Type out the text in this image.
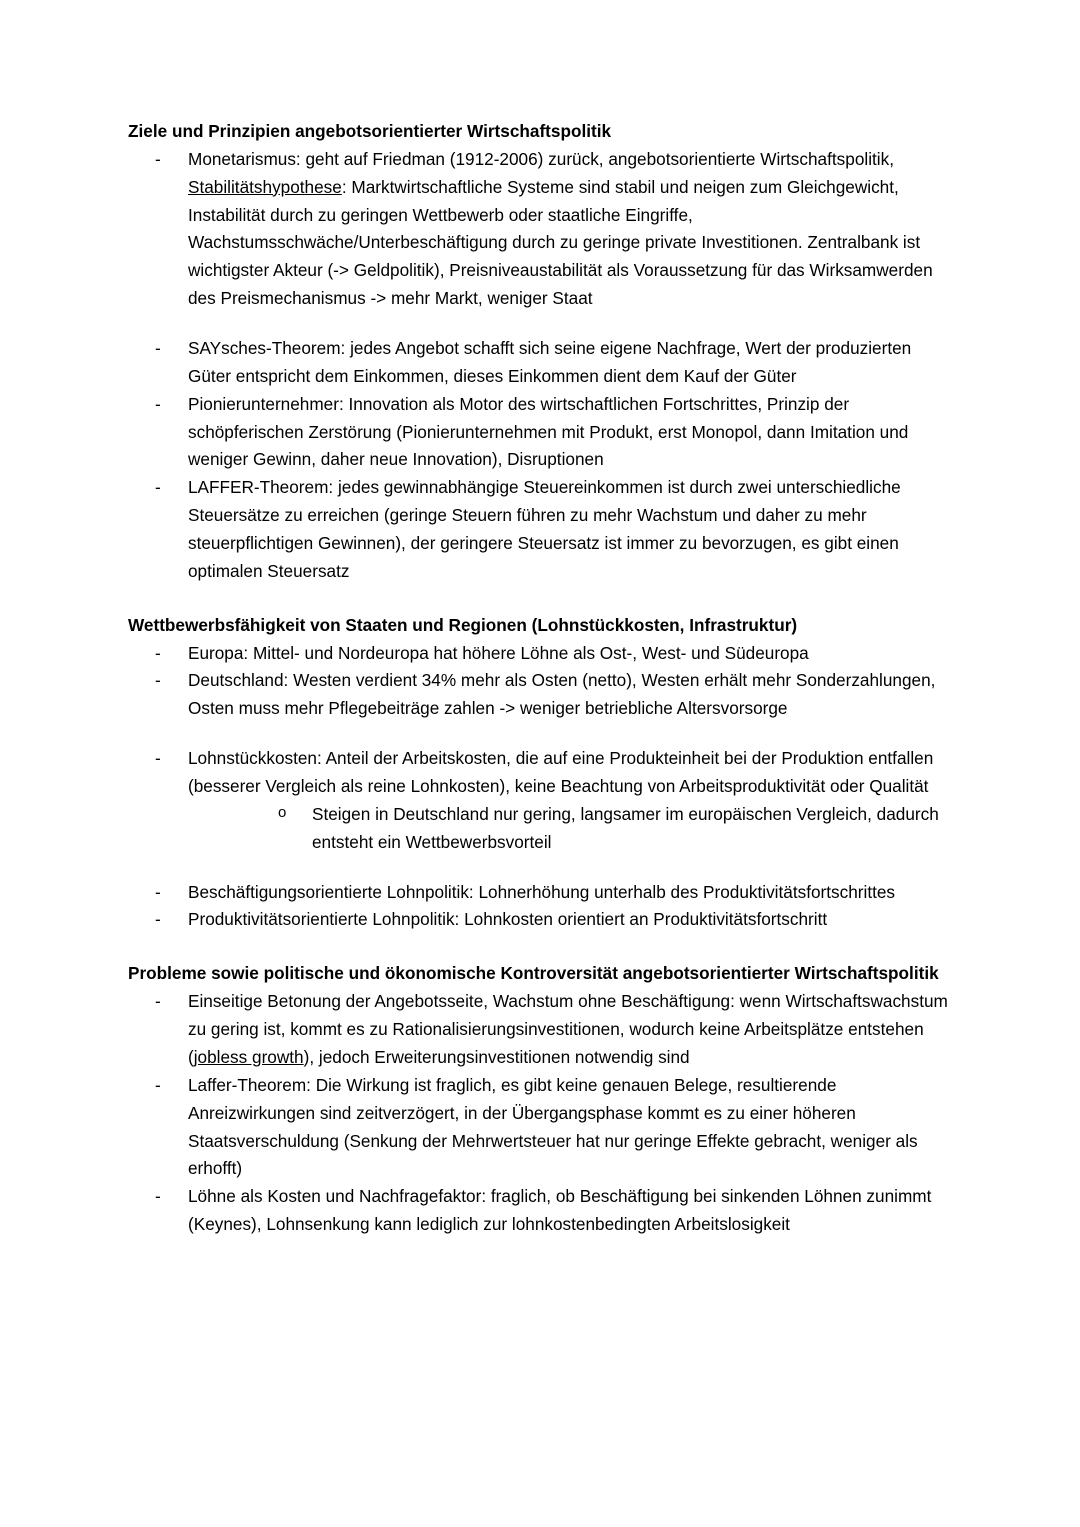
Ziele und Prinzipien angebotsorientierter Wirtschaftspolitik
- Monetarismus: geht auf Friedman (1912-2006) zurück, angebotsorientierte Wirtschaftspolitik, Stabilitätshypothese: Marktwirtschaftliche Systeme sind stabil und neigen zum Gleichgewicht, Instabilität durch zu geringen Wettbewerb oder staatliche Eingriffe, Wachstumsschwäche/Unterbeschäftigung durch zu geringe private Investitionen. Zentralbank ist wichtigster Akteur (-> Geldpolitik), Preisniveaustabilität als Voraussetzung für das Wirksamwerden des Preismechanismus -> mehr Markt, weniger Staat
- SAYsches-Theorem: jedes Angebot schafft sich seine eigene Nachfrage, Wert der produzierten Güter entspricht dem Einkommen, dieses Einkommen dient dem Kauf der Güter
- Pionierunternehmer: Innovation als Motor des wirtschaftlichen Fortschrittes, Prinzip der schöpferischen Zerstörung (Pionierunternehmen mit Produkt, erst Monopol, dann Imitation und weniger Gewinn, daher neue Innovation), Disruptionen
- LAFFER-Theorem: jedes gewinnabhängige Steuereinkommen ist durch zwei unterschiedliche Steuersätze zu erreichen (geringe Steuern führen zu mehr Wachstum und daher zu mehr steuerpflichtigen Gewinnen), der geringere Steuersatz ist immer zu bevorzugen, es gibt einen optimalen Steuersatz
Wettbewerbsfähigkeit von Staaten und Regionen (Lohnstückkosten, Infrastruktur)
- Europa: Mittel- und Nordeuropa hat höhere Löhne als Ost-, West- und Südeuropa
- Deutschland: Westen verdient 34% mehr als Osten (netto), Westen erhält mehr Sonderzahlungen, Osten muss mehr Pflegebeiträge zahlen -> weniger betriebliche Altersvorsorge
- Lohnstückkosten: Anteil der Arbeitskosten, die auf eine Produkteinheit bei der Produktion entfallen (besserer Vergleich als reine Lohnkosten), keine Beachtung von Arbeitsproduktivität oder Qualität
o Steigen in Deutschland nur gering, langsamer im europäischen Vergleich, dadurch entsteht ein Wettbewerbsvorteil
- Beschäftigungsorientierte Lohnpolitik: Lohnerhöhung unterhalb des Produktivitätsfortschrittes
- Produktivitätsorientierte Lohnpolitik: Lohnkosten orientiert an Produktivitätsfortschritt
Probleme sowie politische und ökonomische Kontroversität angebotsorientierter Wirtschaftspolitik
- Einseitige Betonung der Angebotsseite, Wachstum ohne Beschäftigung: wenn Wirtschaftswachstum zu gering ist, kommt es zu Rationalisierungsinvestitionen, wodurch keine Arbeitsplätze entstehen (jobless growth), jedoch Erweiterungsinvestitionen notwendig sind
- Laffer-Theorem: Die Wirkung ist fraglich, es gibt keine genauen Belege, resultierende Anreizwirkungen sind zeitverzögert, in der Übergangsphase kommt es zu einer höheren Staatsverschuldung (Senkung der Mehrwertsteuer hat nur geringe Effekte gebracht, weniger als erhofft)
- Löhne als Kosten und Nachfragefaktor: fraglich, ob Beschäftigung bei sinkenden Löhnen zunimmt (Keynes), Lohnsenkung kann lediglich zur lohnkostenbedingten Arbeitslosigkeit
